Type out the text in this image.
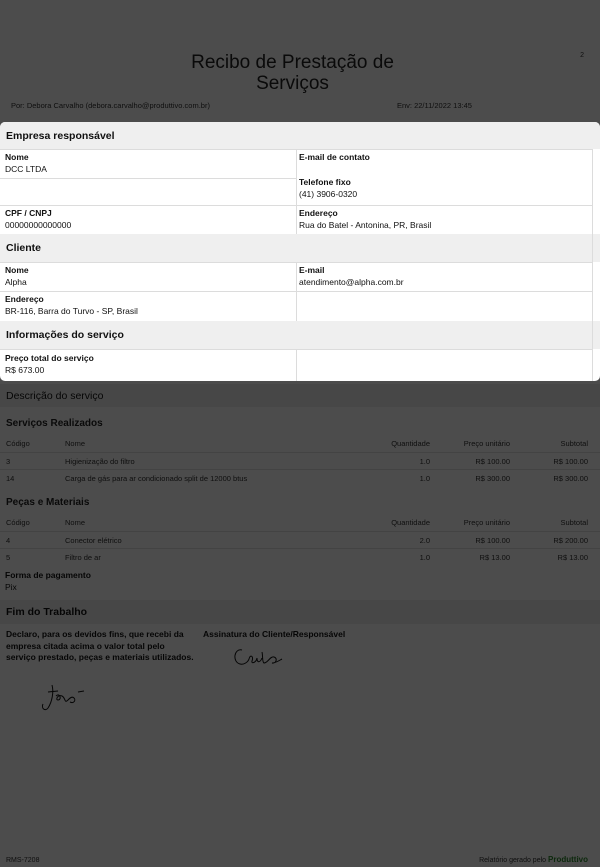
Empresa responsável
Nome
DCC LTDA
E-mail de contato
Telefone fixo
(41) 3906-0320
CPF / CNPJ
00000000000000
Endereço
Rua do Batel - Antonina, PR, Brasil
Cliente
Nome
Alpha
E-mail
atendimento@alpha.com.br
Endereço
BR-116, Barra do Turvo - SP, Brasil
Informações do serviço
Preço total do serviço
R$ 673.00
